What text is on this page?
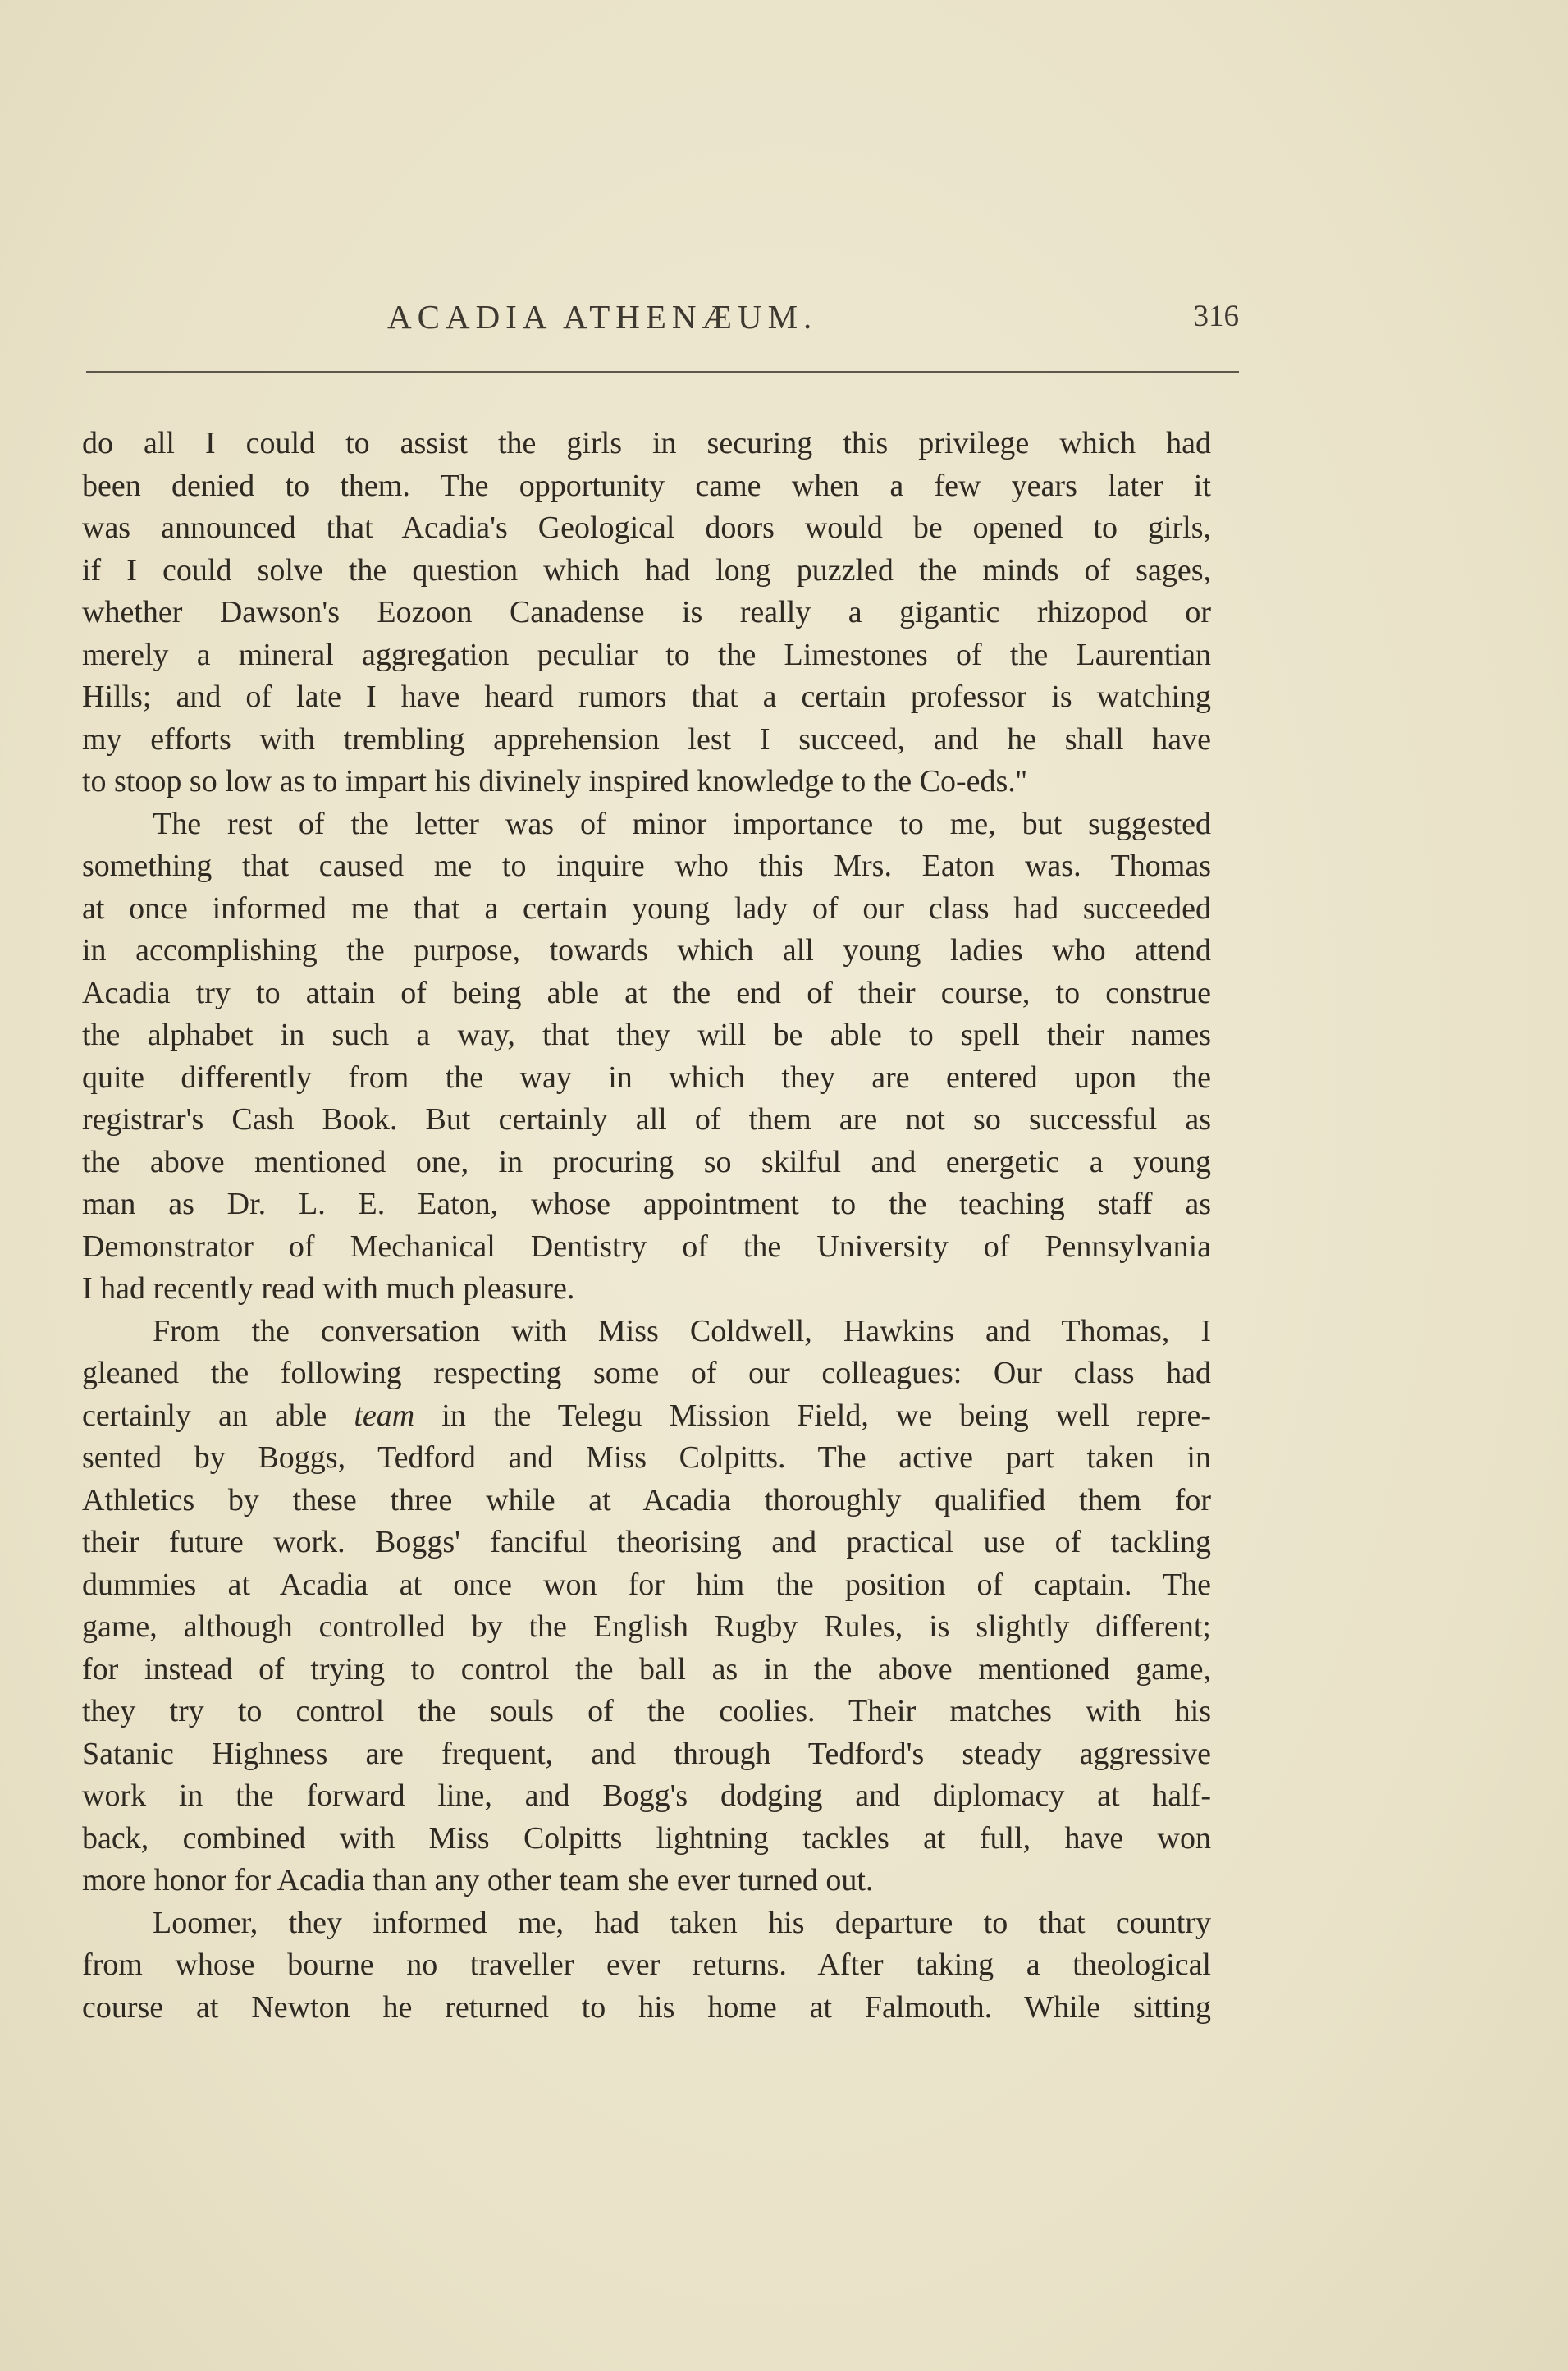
ACADIA ATHENÆUM.	316
do all I could to assist the girls in securing this privilege which had
been denied to them. The opportunity came when a few years later it
was announced that Acadia's Geological doors would be opened to girls,
if I could solve the question which had long puzzled the minds of sages,
whether Dawson's Eozoon Canadense is really a gigantic rhizopod or
merely a mineral aggregation peculiar to the Limestones of the Laurentian
Hills; and of late I have heard rumors that a certain professor is watching
my efforts with trembling apprehension lest I succeed, and he shall have
to stoop so low as to impart his divinely inspired knowledge to the Co-eds.''
The rest of the letter was of minor importance to me, but suggested
something that caused me to inquire who this Mrs. Eaton was. Thomas
at once informed me that a certain young lady of our class had succeeded
in accomplishing the purpose, towards which all young ladies who attend
Acadia try to attain of being able at the end of their course, to construe
the alphabet in such a way, that they will be able to spell their names
quite differently from the way in which they are entered upon the
registrar's Cash Book. But certainly all of them are not so successful as
the above mentioned one, in procuring so skilful and energetic a young
man as Dr. L. E. Eaton, whose appointment to the teaching staff as
Demonstrator of Mechanical Dentistry of the University of Pennsylvania
I had recently read with much pleasure.
From the conversation with Miss Coldwell, Hawkins and Thomas, I
gleaned the following respecting some of our colleagues: Our class had
certainly an able team in the Telegu Mission Field, we being well repre-
sented by Boggs, Tedford and Miss Colpitts. The active part taken in
Athletics by these three while at Acadia thoroughly qualified them for
their future work. Boggs' fanciful theorising and practical use of tackling
dummies at Acadia at once won for him the position of captain. The
game, although controlled by the English Rugby Rules, is slightly different;
for instead of trying to control the ball as in the above mentioned game,
they try to control the souls of the coolies. Their matches with his
Satanic Highness are frequent, and through Tedford's steady aggressive
work in the forward line, and Bogg's dodging and diplomacy at half-
back, combined with Miss Colpitts lightning tackles at full, have won
more honor for Acadia than any other team she ever turned out.
Loomer, they informed me, had taken his departure to that country
from whose bourne no traveller ever returns. After taking a theological
course at Newton he returned to his home at Falmouth. While sitting
